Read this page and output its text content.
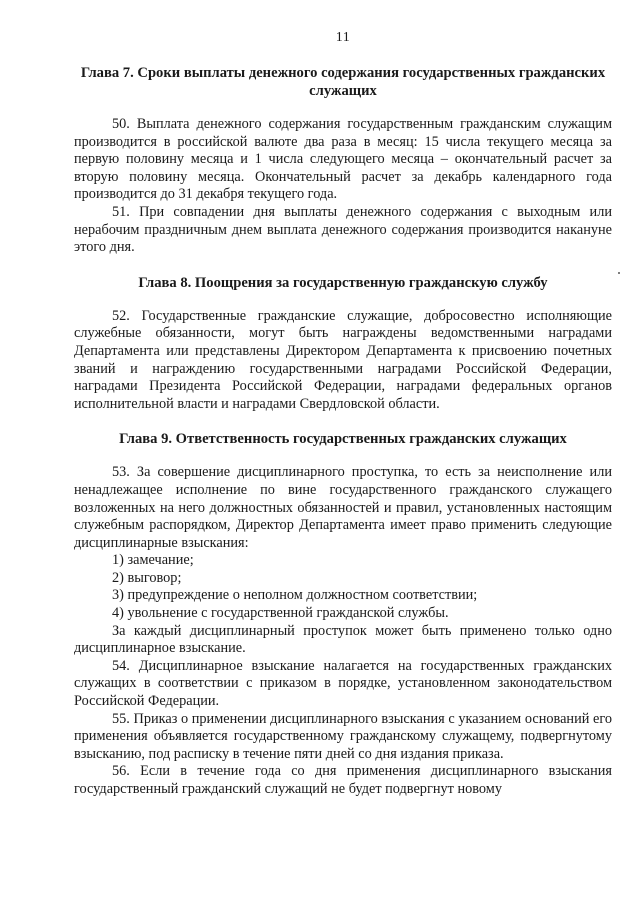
11
Глава 7. Сроки выплаты денежного содержания государственных гражданских служащих

50. Выплата денежного содержания государственным гражданским служащим производится в российской валюте два раза в месяц: 15 числа текущего месяца за первую половину месяца и 1 числа следующего месяца – окончательный расчет за вторую половину месяца. Окончательный расчет за декабрь календарного года производится до 31 декабря текущего года.

51. При совпадении дня выплаты денежного содержания с выходным или нерабочим праздничным днем выплата денежного содержания производится накануне этого дня.

Глава 8. Поощрения за государственную гражданскую службу

52. Государственные гражданские служащие, добросовестно исполняющие служебные обязанности, могут быть награждены ведомственными наградами Департамента или представлены Директором Департамента к присвоению почетных званий и награждению государственными наградами Российской Федерации, наградами Президента Российской Федерации, наградами федеральных органов исполнительной власти и наградами Свердловской области.

Глава 9. Ответственность государственных гражданских служащих

53. За совершение дисциплинарного проступка, то есть за неисполнение или ненадлежащее исполнение по вине государственного гражданского служащего возложенных на него должностных обязанностей и правил, установленных настоящим служебным распорядком, Директор Департамента имеет право применить следующие дисциплинарные взыскания:

1) замечание;

2) выговор;

3) предупреждение о неполном должностном соответствии;

4) увольнение с государственной гражданской службы.

За каждый дисциплинарный проступок может быть применено только одно дисциплинарное взыскание.

54. Дисциплинарное взыскание налагается на государственных гражданских служащих в соответствии с приказом в порядке, установленном законодательством Российской Федерации.

55. Приказ о применении дисциплинарного взыскания с указанием оснований его применения объявляется государственному гражданскому служащему, подвергнутому взысканию, под расписку в течение пяти дней со дня издания приказа.

56. Если в течение года со дня применения дисциплинарного взыскания государственный гражданский служащий не будет подвергнут новому
